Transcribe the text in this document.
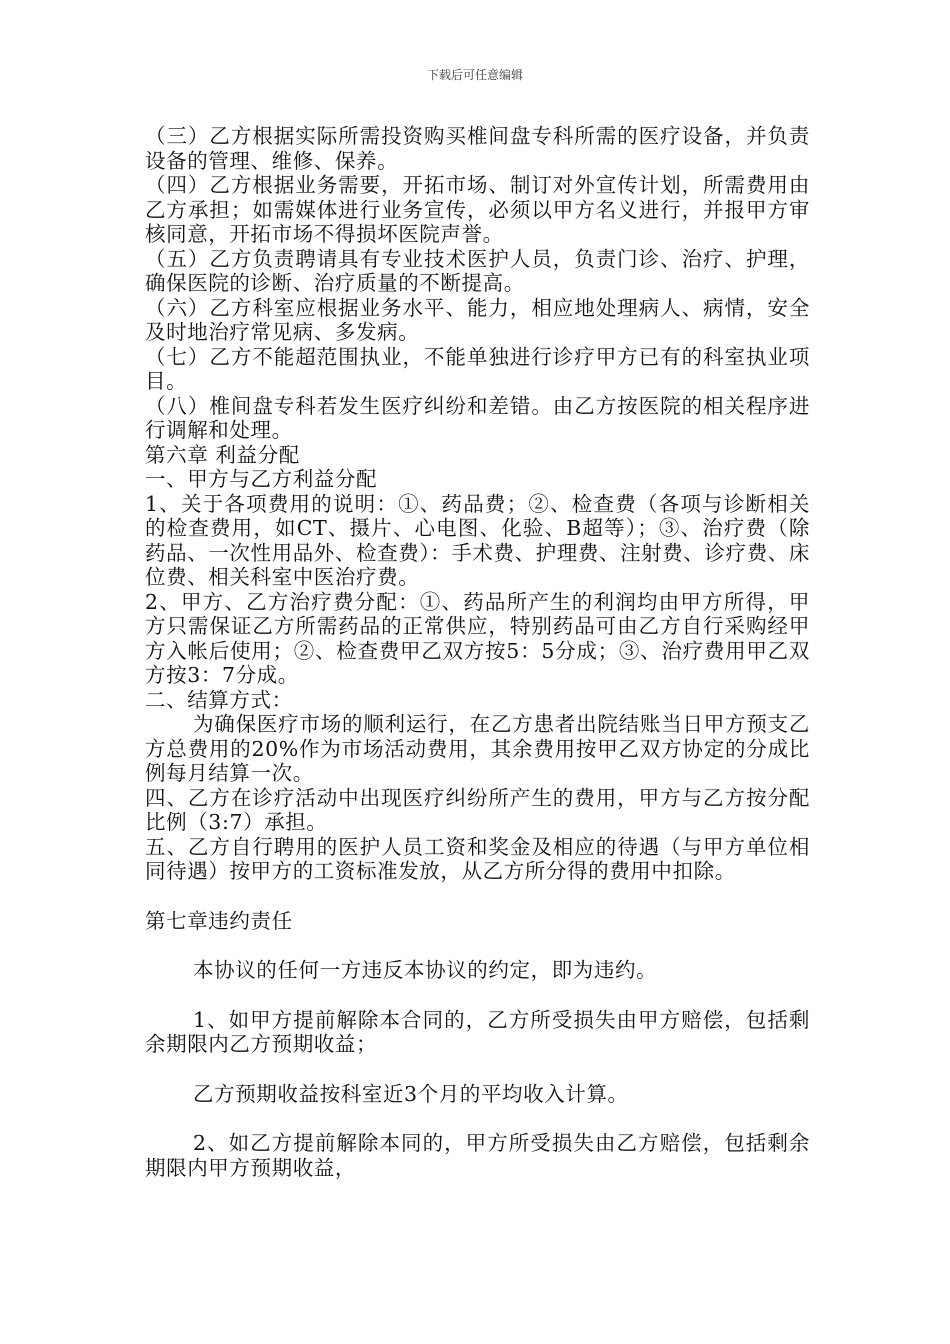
下载后可任意编辑

（三）乙方根据实际所需投资购买椎间盘专科所需的医疗设备，并负责设备的管理、维修、保养。

（四）乙方根据业务需要，开拓市场、制订对外宣传计划，所需费用由乙方承担；如需媒体进行业务宣传，必须以甲方名义进行，并报甲方审核同意，开拓市场不得损坏医院声誉。

（五）乙方负责聘请具有专业技术医护人员，负责门诊、治疗、护理，确保医院的诊断、治疗质量的不断提高。

（六）乙方科室应根据业务水平、能力，相应地处理病人、病情，安全及时地治疗常见病、多发病。

（七）乙方不能超范围执业，不能单独进行诊疗甲方已有的科室执业项目。

（八）椎间盘专科若发生医疗纠纷和差错。由乙方按医院的相关程序进行调解和处理。

第六章 利益分配

一、甲方与乙方利益分配

1、关于各项费用的说明：①、药品费；②、检查费（各项与诊断相关的检查费用，如CT、摄片、心电图、化验、B超等）；③、治疗费（除药品、一次性用品外、检查费）：手术费、护理费、注射费、诊疗费、床位费、相关科室中医治疗费。

2、甲方、乙方治疗费分配：①、药品所产生的利润均由甲方所得，甲方只需保证乙方所需药品的正常供应，特别药品可由乙方自行采购经甲方入帐后使用；②、检查费甲乙双方按5：5分成；③、治疗费用甲乙双方按3：7分成。

二、结算方式：

为确保医疗市场的顺利运行，在乙方患者出院结账当日甲方预支乙方总费用的20%作为市场活动费用，其余费用按甲乙双方协定的分成比例每月结算一次。

四、乙方在诊疗活动中出现医疗纠纷所产生的费用，甲方与乙方按分配比例（3:7）承担。

五、乙方自行聘用的医护人员工资和奖金及相应的待遇（与甲方单位相同待遇）按甲方的工资标准发放，从乙方所分得的费用中扣除。

第七章违约责任

本协议的任何一方违反本协议的约定，即为违约。

1、如甲方提前解除本合同的，乙方所受损失由甲方赔偿，包括剩余期限内乙方预期收益；

乙方预期收益按科室近3个月的平均收入计算。

2、如乙方提前解除本同的，甲方所受损失由乙方赔偿，包括剩余期限内甲方预期收益，
